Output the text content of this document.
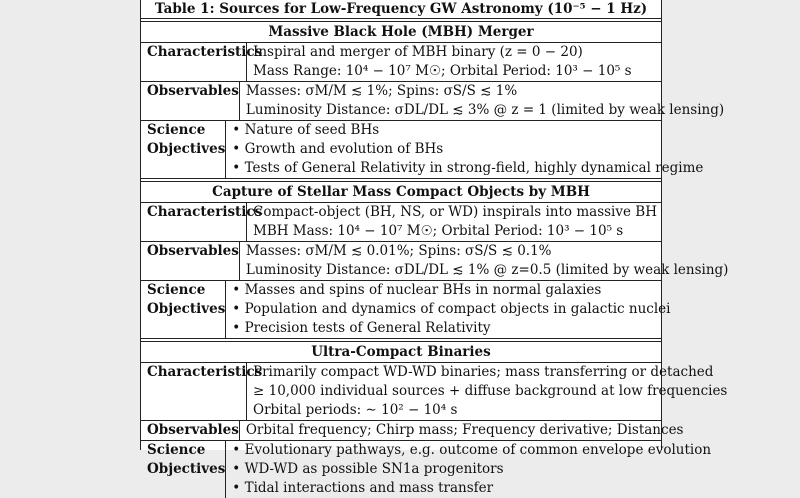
Table 1: Sources for Low-Frequency GW Astronomy (10⁻⁵ − 1 Hz)
Massive Black Hole (MBH) Merger
Characteristics
Inspiral and merger of MBH binary (z = 0 − 20)
Mass Range: 10⁴ − 10⁷ M☉; Orbital Period: 10³ − 10⁵ s
Observables Masses: σM/M ≲ 1%; Spins: σS/S ≲ 1%
Luminosity Distance: σDL/DL ≲ 3% @ z = 1 (limited by weak lensing)
Science
Objectives
• Nature of seed BHs
• Growth and evolution of BHs
• Tests of General Relativity in strong-field, highly dynamical regime
Capture of Stellar Mass Compact Objects by MBH
Characteristics
Compact-object (BH, NS, or WD) inspirals into massive BH
MBH Mass: 10⁴ − 10⁷ M☉; Orbital Period: 10³ − 10⁵ s
Observables Masses: σM/M ≲ 0.01%; Spins: σS/S ≲ 0.1%
Luminosity Distance: σDL/DL ≲ 1% @ z=0.5 (limited by weak lensing)
Science
Objectives
• Masses and spins of nuclear BHs in normal galaxies
• Population and dynamics of compact objects in galactic nuclei
• Precision tests of General Relativity
Ultra-Compact Binaries
Characteristics
Primarily compact WD-WD binaries; mass transferring or detached
≥ 10,000 individual sources + diffuse background at low frequencies
Orbital periods: ∼ 10² − 10⁴ s
Observables Orbital frequency; Chirp mass; Frequency derivative; Distances
Science
Objectives
• Evolutionary pathways, e.g. outcome of common envelope evolution
• WD-WD as possible SN1a progenitors
• Tidal interactions and mass transfer
